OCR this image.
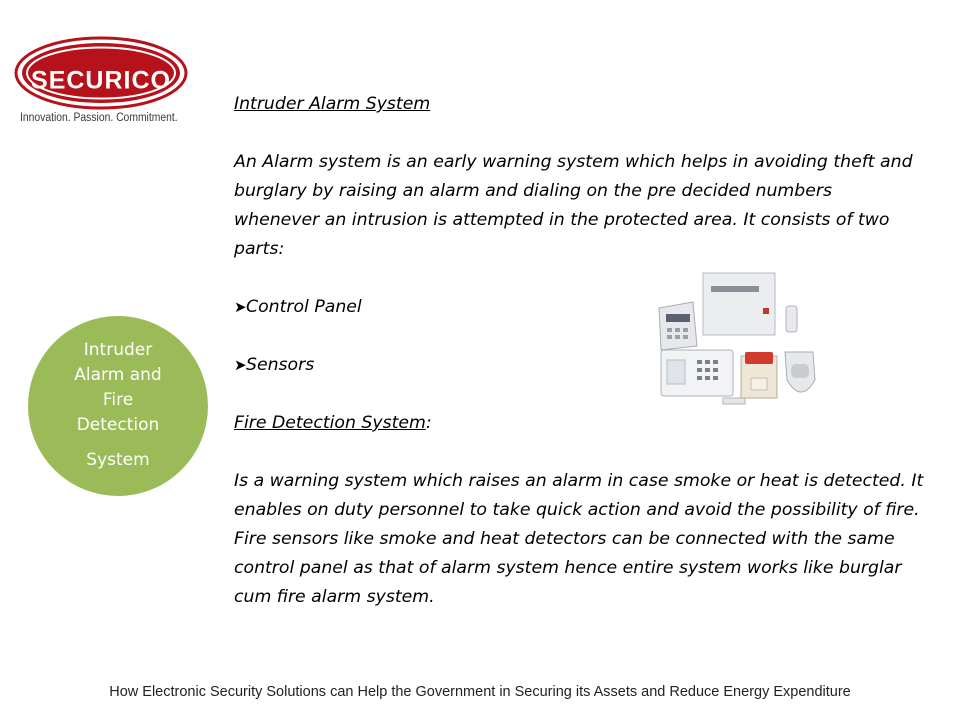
SECURICO
Innovation. Passion. Commitment.
Intruder
Alarm and
Fire
Detection
System

Intruder Alarm System

An Alarm system is an early warning system which helps in avoiding theft and burglary by raising an alarm and dialing on the pre decided numbers whenever an intrusion is attempted in the protected area. It consists of two parts:

➤ Control Panel
➤ Sensors

Fire Detection System:

Is a warning system which raises an alarm in case smoke or heat is detected. It enables on duty personnel to take quick action and avoid the possibility of fire.

Fire sensors like smoke and heat detectors can be connected with the same control panel as that of alarm system hence entire system works like burglar cum fire alarm system.

How Electronic Security Solutions can Help the Government in Securing its Assets and Reduce Energy Expenditure
